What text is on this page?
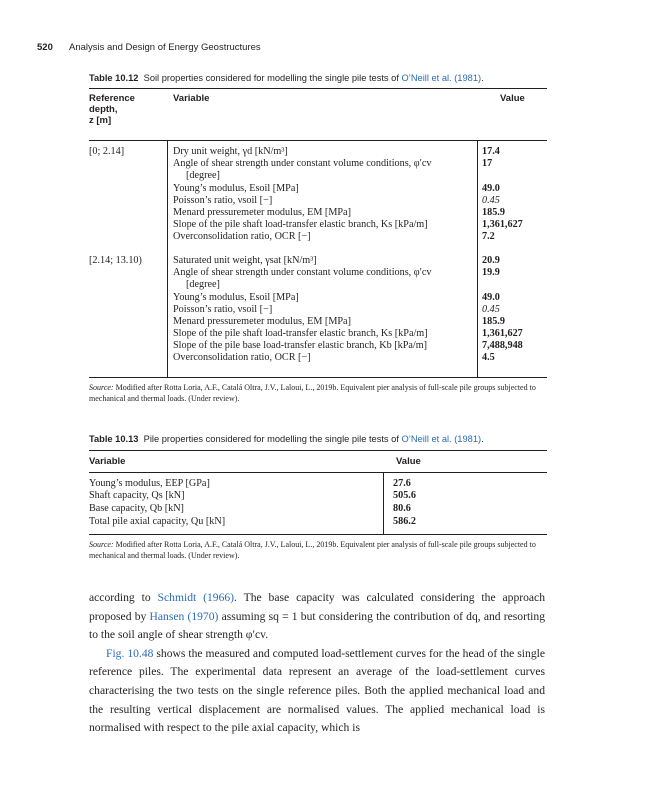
520 Analysis and Design of Energy Geostructures
Table 10.12 Soil properties considered for modelling the single pile tests of O’Neill et al. (1981).
Reference
depth,
z [m]
Variable	Value
[0; 2.14]
[2.14; 13.10)
Dry unit weight, γd [kN/m³]
Angle of shear strength under constant volume conditions, φ′cv
[degree]
Young’s modulus, Esoil [MPa]
Poisson’s ratio, νsoil [−]
Menard pressuremeter modulus, EM [MPa]
Slope of the pile shaft load-transfer elastic branch, Ks [kPa/m]
Overconsolidation ratio, OCR [−]
17.4
17
49.0
0.45
185.9
1,361,627
7.2
Saturated unit weight, γsat [kN/m³]
Angle of shear strength under constant volume conditions, φ′cv
[degree]
Young’s modulus, Esoil [MPa]
Poisson’s ratio, νsoil [−]
Menard pressuremeter modulus, EM [MPa]
Slope of the pile shaft load-transfer elastic branch, Ks [kPa/m]
Slope of the pile base load-transfer elastic branch, Kb [kPa/m]
Overconsolidation ratio, OCR [−]
20.9
19.9
49.0
0.45
185.9
1,361,627
7,488,948
4.5
Source: Modified after Rotta Loria, A.F., Catalá Oltra, J.V., Laloui, L., 2019b. Equivalent pier analysis of full-scale pile groups subjected to mechanical and thermal loads. (Under review).
Table 10.13 Pile properties considered for modelling the single pile tests of O’Neill et al. (1981).
Variable	Value
Young’s modulus, EEP [GPa]
Shaft capacity, Qs [kN]
Base capacity, Qb [kN]
Total pile axial capacity, Qu [kN]
27.6
505.6
80.6
586.2
Source: Modified after Rotta Loria, A.F., Catalá Oltra, J.V., Laloui, L., 2019b. Equivalent pier analysis of full-scale pile groups subjected to mechanical and thermal loads. (Under review).

according to Schmidt (1966). The base capacity was calculated considering the approach proposed by Hansen (1970) assuming sq = 1 but considering the contribution of dq, and resorting to the soil angle of shear strength φ′cv.

Fig. 10.48 shows the measured and computed load-settlement curves for the head of the single reference piles. The experimental data represent an average of the load-settlement curves characterising the two tests on the single reference piles. Both the applied mechanical load and the resulting vertical displacement are normalised values. The applied mechanical load is normalised with respect to the pile axial capacity, which is
